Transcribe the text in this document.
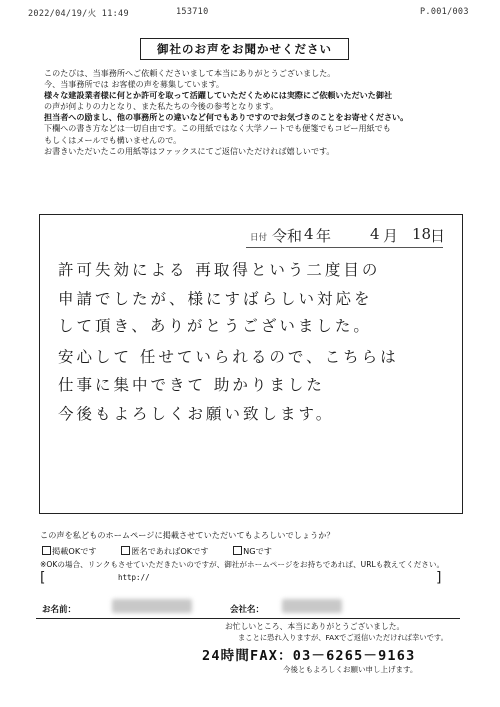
2022/04/19/火 11:49	153710	P.001/003
御社のお声をお聞かせください
このたびは、当事務所へご依頼くださいまして本当にありがとうございました。
今、当事務所では お客様の声を募集しています。
様々な建設業者様に何とか許可を取って活躍していただくためには実際にご依頼いただいた御社
の声が何よりの力となり、また私たちの今後の参考となります。
担当者への励まし、他の事務所との違いなど何でもありですのでお気づきのことをお寄せください。
下欄への書き方などは一切自由です。この用紙ではなく大学ノートでも便箋でもコピー用紙でも
もしくはメールでも構いませんので。
お書きいただいたこの用紙等はファックスにてご返信いただければ嬉しいです。
日付 令和 4 年	4 月 18
日
許可失効による 再取得という二度目の
申請でしたが、様にすばらしい対応を
して頂き、ありがとうございました。
安心して 任せていられるので、こちらは
仕事に集中できて 助かりました
今後もよろしくお願い致します。
この声を私どものホームページに掲載させていただいてもよろしいでしょうか？
掲載OKです	匿名であればOKです	NGです
※OKの場合、リンクもさせていただきたいのですが、御社がホームページをお持ちであれば、URLも教えてください。
[	http://	]
お名前：	会社名：
お忙しいところ、本当にありがとうございました。
まことに恐れ入りますが、FAXでご返信いただければ幸いです。
24時間FAX：03－6265－9163
今後ともよろしくお願い申し上げます。
